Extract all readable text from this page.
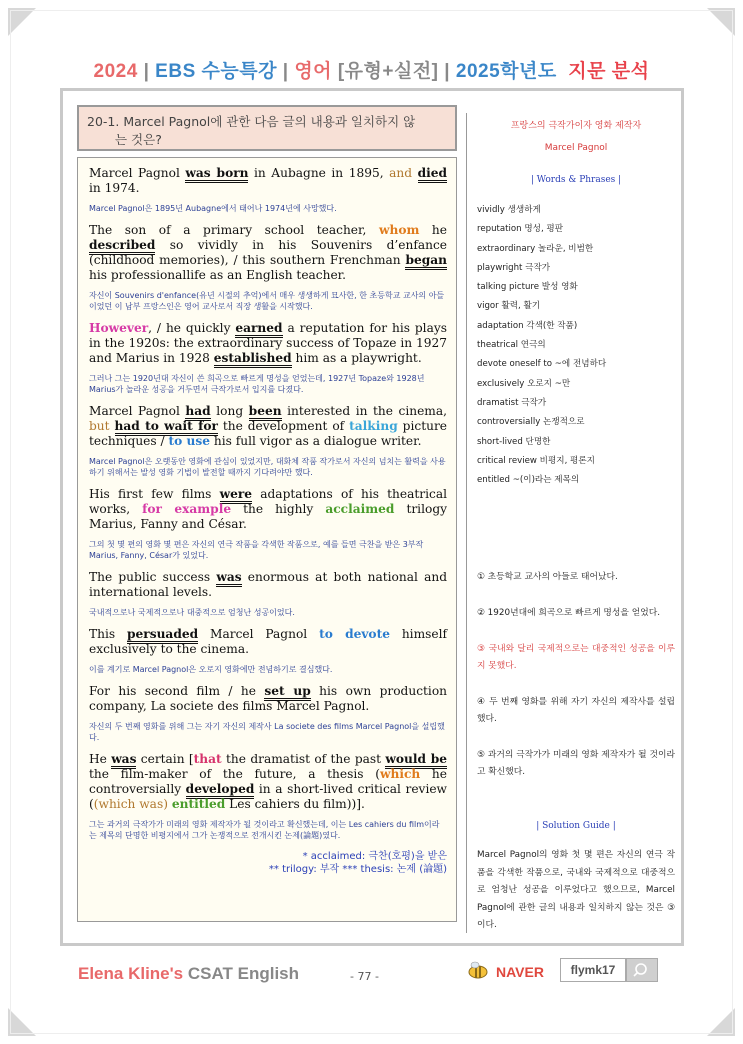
2024 | EBS 수능특강 | 영어 [유형+실전] | 2025학년도 지문 분석
20-1. Marcel Pagnol에 관한 다음 글의 내용과 일치하지 않
는 것은?

Marcel Pagnol was born in Aubagne in 1895, and died in 1974.

Marcel Pagnol은 1895년 Aubagne에서 태어나 1974년에 사망했다.

The son of a primary school teacher, whom he described so vividly in his Souvenirs d’enfance (childhood memories), / this southern Frenchman began his professionallife as an English teacher.

자신이 Souvenirs d'enfance(유년 시절의 추억)에서 매우 생생하게 묘사한, 한 초등학교 교사의 아들이었던 이 남부 프랑스인은 영어 교사로서 직장 생활을 시작했다.

However, / he quickly earned a reputation for his plays in the 1920s: the extraordinary success of Topaze in 1927 and Marius in 1928 established him as a playwright.

그러나 그는 1920년대 자신이 쓴 희곡으로 빠르게 명성을 얻었는데, 1927년 Topaze와 1928년 Marius가 놀라운 성공을 거두면서 극작가로서 입지를 다졌다.

Marcel Pagnol had long been interested in the cinema, but had to wait for the development of talking picture techniques / to use his full vigor as a dialogue writer.

Marcel Pagnol은 오랫동안 영화에 관심이 있었지만, 대화체 작품 작가로서 자신의 넘치는 활력을 사용하기 위해서는 발성 영화 기법이 발전할 때까지 기다려야만 했다.

His first few films were adaptations of his theatrical works, for example the highly acclaimed trilogy Marius, Fanny and César.

그의 첫 몇 편의 영화 몇 편은 자신의 연극 작품을 각색한 작품으로, 예를 들면 극찬을 받은 3부작 Marius, Fanny, César가 있었다.

The public success was enormous at both national and international levels.

국내적으로나 국제적으로나 대중적으로 엄청난 성공이었다.

This persuaded Marcel Pagnol to devote himself exclusively to the cinema.

이를 계기로 Marcel Pagnol은 오로지 영화에만 전념하기로 결심했다.

For his second film / he set up his own production company, La societe des films Marcel Pagnol.

자신의 두 번째 영화를 위해 그는 자기 자신의 제작사 La societe des films Marcel Pagnol을 설립했다.

He was certain [that the dramatist of the past would be the film-maker of the future, a thesis (which he controversially developed in a short-lived critical review ((which was) entitled Les cahiers du film))].

그는 과거의 극작가가 미래의 영화 제작자가 될 것이라고 확신했는데, 이는 Les cahiers du film이라는 제목의 단명한 비평지에서 그가 논쟁적으로 전개시킨 논제(論題)였다.

* acclaimed: 극찬(호평)을 받은
** trilogy: 부작 *** thesis: 논제 (論題)
프랑스의 극작가이자 영화 제작자
Marcel Pagnol
| Words & Phrases |
vividly 생생하게
reputation 명성, 평판
extraordinary 놀라운, 비범한
playwright 극작가
talking picture 발성 영화
vigor 활력, 활기
adaptation 각색(한 작품)
theatrical 연극의
devote oneself to ~에 전념하다
exclusively 오로지 ~만
dramatist 극작가
controversially 논쟁적으로
short-lived 단명한
critical review 비평지, 평론지
entitled ~(이)라는 제목의
① 초등학교 교사의 아들로 태어났다.
② 1920년대에 희곡으로 빠르게 명성을 얻었다.
③ 국내와 달리 국제적으로는 대중적인 성공을 이루지 못했다.
④ 두 번째 영화를 위해 자기 자신의 제작사를 설립했다.
⑤ 과거의 극작가가 미래의 영화 제작자가 될 것이라고 확신했다.
| Solution Guide |
Marcel Pagnol의 영화 첫 몇 편은 자신의 연극 작품을 각색한 작품으로, 국내와 국제적으로 대중적으로 엄청난 성공을 이루었다고 했으므로, Marcel Pagnol에 관한 글의 내용과 일치하지 않는 것은 ③이다.
Elena Kline's CSAT English	- 77 -	NAVER	flymk17
